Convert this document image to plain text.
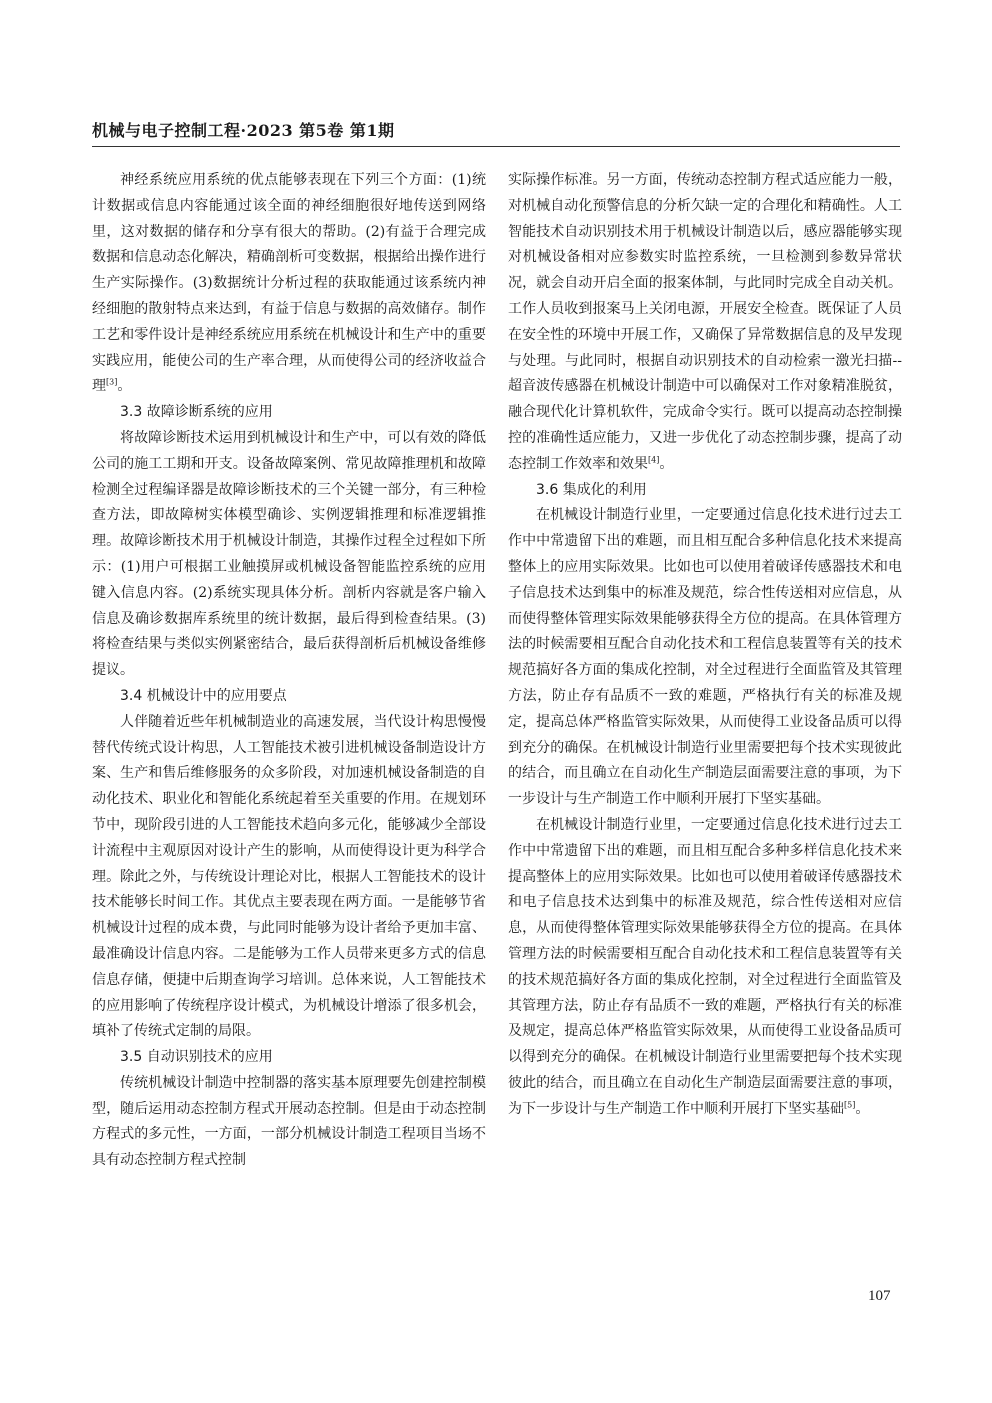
机械与电子控制工程·2023 第5卷 第1期

神经系统应用系统的优点能够表现在下列三个方面：(1)统计数据或信息内容能通过该全面的神经细胞很好地传送到网络里，这对数据的储存和分享有很大的帮助。(2)有益于合理完成数据和信息动态化解决，精确剖析可变数据，根据给出操作进行生产实际操作。(3)数据统计分析过程的获取能通过该系统内神经细胞的散射特点来达到，有益于信息与数据的高效储存。制作工艺和零件设计是神经系统应用系统在机械设计和生产中的重要实践应用，能使公司的生产率合理，从而使得公司的经济收益合理[3]。

3.3 故障诊断系统的应用

将故障诊断技术运用到机械设计和生产中，可以有效的降低公司的施工工期和开支。设备故障案例、常见故障推理机和故障检测全过程编译器是故障诊断技术的三个关键一部分，有三种检查方法，即故障树实体模型确诊、实例逻辑推理和标准逻辑推理。故障诊断技术用于机械设计制造，其操作过程全过程如下所示：(1)用户可根据工业触摸屏或机械设备智能监控系统的应用键入信息内容。(2)系统实现具体分析。剖析内容就是客户输入信息及确诊数据库系统里的统计数据，最后得到检查结果。(3)将检查结果与类似实例紧密结合，最后获得剖析后机械设备维修提议。

3.4 机械设计中的应用要点

人伴随着近些年机械制造业的高速发展，当代设计构思慢慢替代传统式设计构思，人工智能技术被引进机械设备制造设计方案、生产和售后维修服务的众多阶段，对加速机械设备制造的自动化技术、职业化和智能化系统起着至关重要的作用。在规划环节中，现阶段引进的人工智能技术趋向多元化，能够减少全部设计流程中主观原因对设计产生的影响，从而使得设计更为科学合理。除此之外，与传统设计理论对比，根据人工智能技术的设计技术能够长时间工作。其优点主要表现在两方面。一是能够节省机械设计过程的成本费，与此同时能够为设计者给予更加丰富、最准确设计信息内容。二是能够为工作人员带来更多方式的信息信息存储，便捷中后期查询学习培训。总体来说，人工智能技术的应用影响了传统程序设计模式，为机械设计增添了很多机会，填补了传统式定制的局限。

3.5 自动识别技术的应用

传统机械设计制造中控制器的落实基本原理要先创建控制模型，随后运用动态控制方程式开展动态控制。但是由于动态控制方程式的多元性，一方面，一部分机械设计制造工程项目当场不具有动态控制方程式控制

实际操作标准。另一方面，传统动态控制方程式适应能力一般，对机械自动化预警信息的分析欠缺一定的合理化和精确性。人工智能技术自动识别技术用于机械设计制造以后，感应器能够实现对机械设备相对应参数实时监控系统，一旦检测到参数异常状况，就会自动开启全面的报案体制，与此同时完成全自动关机。工作人员收到报案马上关闭电源，开展安全检查。既保证了人员在安全性的环境中开展工作，又确保了异常数据信息的及早发现与处理。与此同时，根据自动识别技术的自动检索一激光扫描--超音波传感器在机械设计制造中可以确保对工作对象精准脱贫，融合现代化计算机软件，完成命令实行。既可以提高动态控制操控的准确性适应能力，又进一步优化了动态控制步骤，提高了动态控制工作效率和效果[4]。

3.6 集成化的利用

在机械设计制造行业里，一定要通过信息化技术进行过去工作中中常遗留下出的难题，而且相互配合多种信息化技术来提高整体上的应用实际效果。比如也可以使用着破译传感器技术和电子信息技术达到集中的标准及规范，综合性传送相对应信息，从而使得整体管理实际效果能够获得全方位的提高。在具体管理方法的时候需要相互配合自动化技术和工程信息装置等有关的技术规范搞好各方面的集成化控制，对全过程进行全面监管及其管理方法，防止存有品质不一致的难题，严格执行有关的标准及规定，提高总体严格监管实际效果，从而使得工业设备品质可以得到充分的确保。在机械设计制造行业里需要把每个技术实现彼此的结合，而且确立在自动化生产制造层面需要注意的事项，为下一步设计与生产制造工作中顺利开展打下坚实基础。

在机械设计制造行业里，一定要通过信息化技术进行过去工作中中常遗留下出的难题，而且相互配合多种多样信息化技术来提高整体上的应用实际效果。比如也可以使用着破译传感器技术和电子信息技术达到集中的标准及规范，综合性传送相对应信息，从而使得整体管理实际效果能够获得全方位的提高。在具体管理方法的时候需要相互配合自动化技术和工程信息装置等有关的技术规范搞好各方面的集成化控制，对全过程进行全面监管及其管理方法，防止存有品质不一致的难题，严格执行有关的标准及规定，提高总体严格监管实际效果，从而使得工业设备品质可以得到充分的确保。在机械设计制造行业里需要把每个技术实现彼此的结合，而且确立在自动化生产制造层面需要注意的事项，为下一步设计与生产制造工作中顺利开展打下坚实基础[5]。

107
